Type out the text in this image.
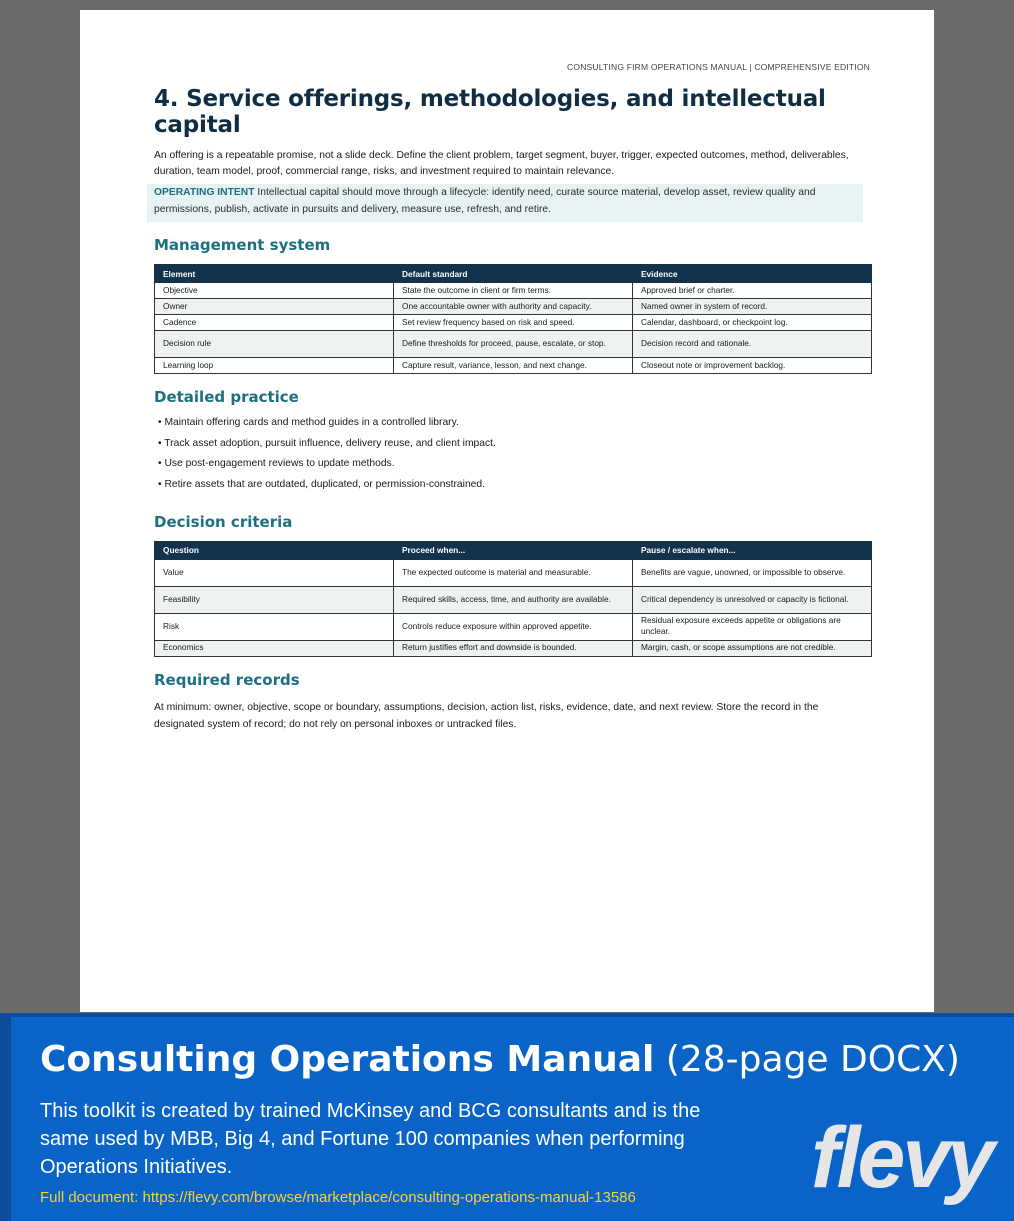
CONSULTING FIRM OPERATIONS MANUAL | COMPREHENSIVE EDITION
4. Service offerings, methodologies, and intellectual capital

An offering is a repeatable promise, not a slide deck. Define the client problem, target segment, buyer, trigger, expected outcomes, method, deliverables, duration, team model, proof, commercial range, risks, and investment required to maintain relevance.

OPERATING INTENT Intellectual capital should move through a lifecycle: identify need, curate source material, develop asset, review quality and permissions, publish, activate in pursuits and delivery, measure use, refresh, and retire.
Management system
Element	Default standard	Evidence
Objective	State the outcome in client or firm terms.	Approved brief or charter.
Owner	One accountable owner with authority and capacity.	Named owner in system of record.
Cadence	Set review frequency based on risk and speed.	Calendar, dashboard, or checkpoint log.
Decision rule	Define thresholds for proceed, pause, escalate, or stop.	Decision record and rationale.
Learning loop	Capture result, variance, lesson, and next change.	Closeout note or improvement backlog.
Detailed practice
• Maintain offering cards and method guides in a controlled library.
• Track asset adoption, pursuit influence, delivery reuse, and client impact.
• Use post-engagement reviews to update methods.
• Retire assets that are outdated, duplicated, or permission-constrained.
Decision criteria
Question	Proceed when...	Pause / escalate when...
Value	The expected outcome is material and measurable.	Benefits are vague, unowned, or impossible to observe.
Feasibility	Required skills, access, time, and authority are available.	Critical dependency is unresolved or capacity is fictional.
Risk	Controls reduce exposure within approved appetite.	Residual exposure exceeds appetite or obligations are unclear.
Economics	Return justifies effort and downside is bounded.	Margin, cash, or scope assumptions are not credible.
Required records

At minimum: owner, objective, scope or boundary, assumptions, decision, action list, risks, evidence, date, and next review. Store the record in the designated system of record; do not rely on personal inboxes or untracked files.

Consulting Operations Manual (28-page DOCX)
This toolkit is created by trained McKinsey and BCG consultants and is the same used by MBB, Big 4, and Fortune 100 companies when performing Operations Initiatives.
Full document: https://flevy.com/browse/marketplace/consulting-operations-manual-13586 flevy
